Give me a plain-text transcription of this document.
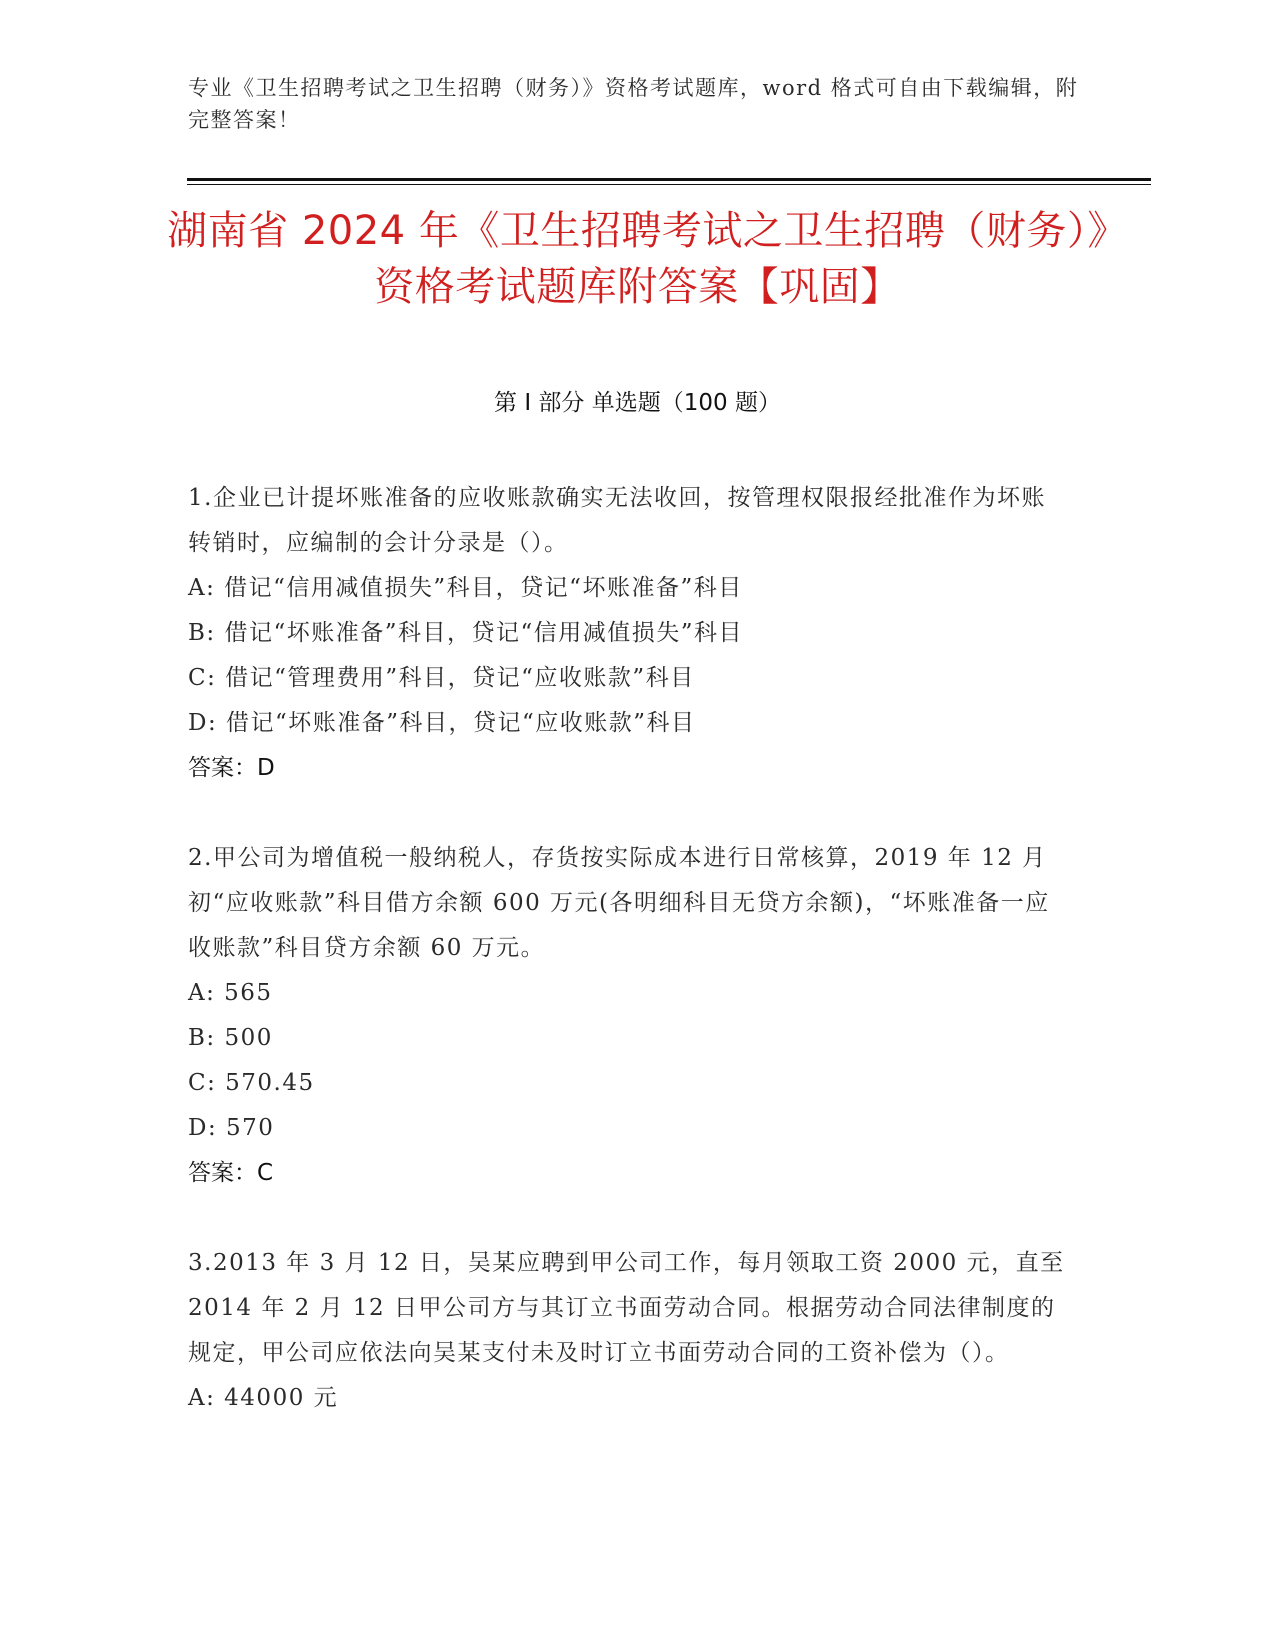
专业《卫生招聘考试之卫生招聘（财务）》资格考试题库，word 格式可自由下载编辑，附完整答案！
湖南省 2024 年《卫生招聘考试之卫生招聘（财务）》资格考试题库附答案【巩固】
第 I 部分 单选题（100 题）
1.企业已计提坏账准备的应收账款确实无法收回，按管理权限报经批准作为坏账转销时，应编制的会计分录是（）。
A: 借记“信用减值损失”科目，贷记“坏账准备”科目
B: 借记“坏账准备”科目，贷记“信用减值损失”科目
C: 借记“管理费用”科目，贷记“应收账款”科目
D: 借记“坏账准备”科目，贷记“应收账款”科目
答案：D
2.甲公司为增值税一般纳税人，存货按实际成本进行日常核算，2019 年 12 月初“应收账款”科目借方余额 600 万元(各明细科目无贷方余额)，“坏账准备一应收账款”科目贷方余额 60 万元。
A: 565
B: 500
C: 570.45
D: 570
答案：C
3.2013 年 3 月 12 日，吴某应聘到甲公司工作，每月领取工资 2000 元，直至 2014 年 2 月 12 日甲公司方与其订立书面劳动合同。根据劳动合同法律制度的规定，甲公司应依法向吴某支付未及时订立书面劳动合同的工资补偿为（）。
A: 44000 元
